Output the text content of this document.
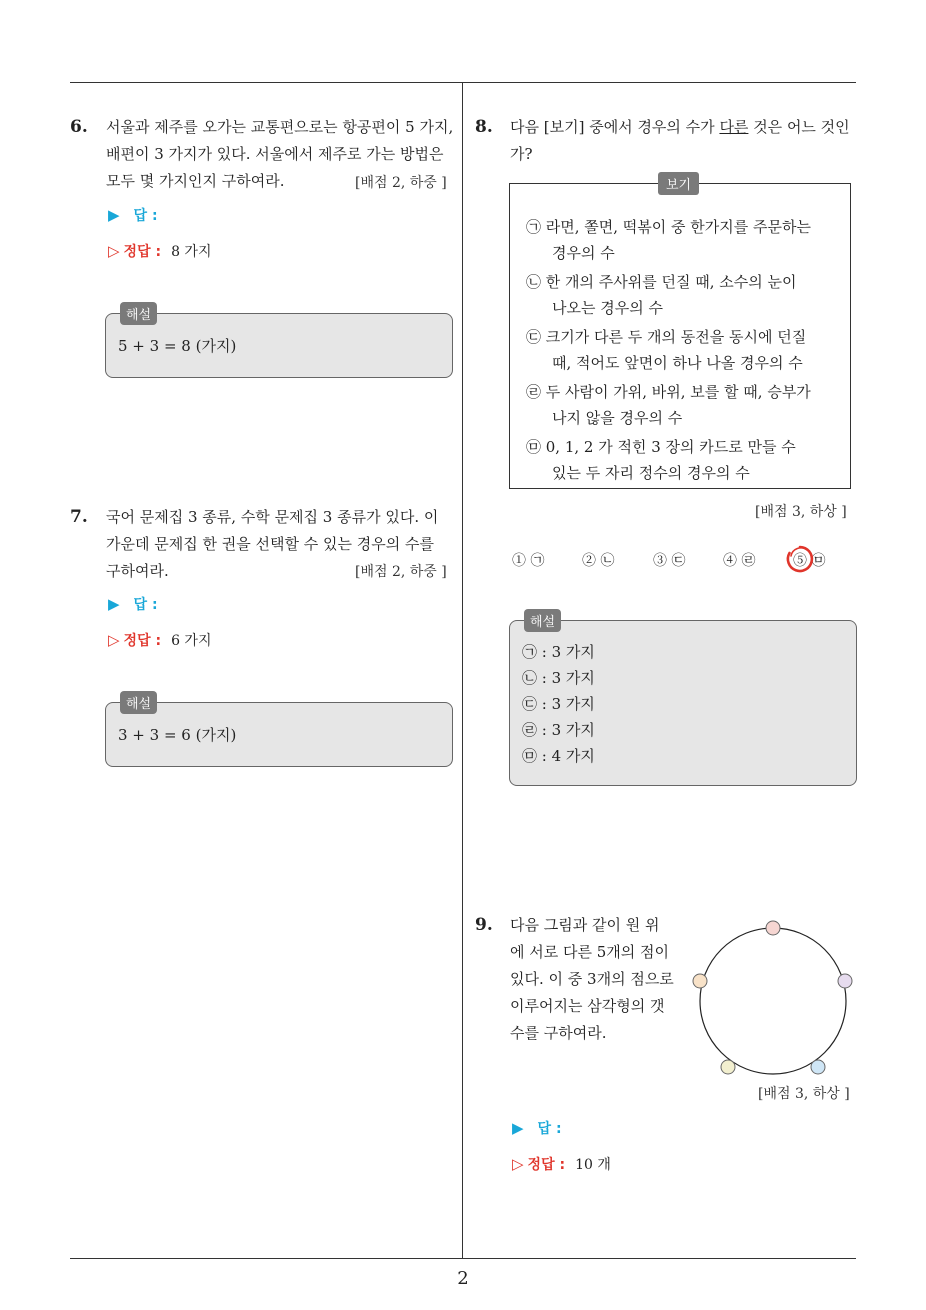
6. 서울과 제주를 오가는 교통편으로는 항공편이 5 가지,
배편이 3 가지가 있다. 서울에서 제주로 가는 방법은
모두 몇 가지인지 구하여라.	[배점 2, 하중 ]
▶ 답 :
▷ 정답 : 8 가지
해설
5 + 3 = 8 (가지)
7. 국어 문제집 3 종류, 수학 문제집 3 종류가 있다. 이
가운데 문제집 한 권을 선택할 수 있는 경우의 수를
구하여라.	[배점 2, 하중 ]
▶ 답 :
▷ 정답 : 6 가지
해설
3 + 3 = 6 (가지)
8. 다음 [보기] 중에서 경우의 수가 다른 것은 어느 것인
가?
보기
㉠ 라면, 쫄면, 떡볶이 중 한가지를 주문하는
경우의 수
㉡ 한 개의 주사위를 던질 때, 소수의 눈이
나오는 경우의 수
㉢ 크기가 다른 두 개의 동전을 동시에 던질
때, 적어도 앞면이 하나 나올 경우의 수
㉣ 두 사람이 가위, 바위, 보를 할 때, 승부가
나지 않을 경우의 수
㉤ 0, 1, 2 가 적힌 3 장의 카드로 만들 수
있는 두 자리 정수의 경우의 수
[배점 3, 하상 ]
① ㉠	② ㉡	③ ㉢	④ ㉣	⑤ ㉤
해설
㉠ : 3 가지
㉡ : 3 가지
㉢ : 3 가지
㉣ : 3 가지
㉤ : 4 가지
9. 다음 그림과 같이 원 위
에 서로 다른 5개의 점이
있다. 이 중 3개의 점으로
이루어지는 삼각형의 갯
수를 구하여라.
[배점 3, 하상 ]
▶ 답 :
▷ 정답 : 10 개
2
